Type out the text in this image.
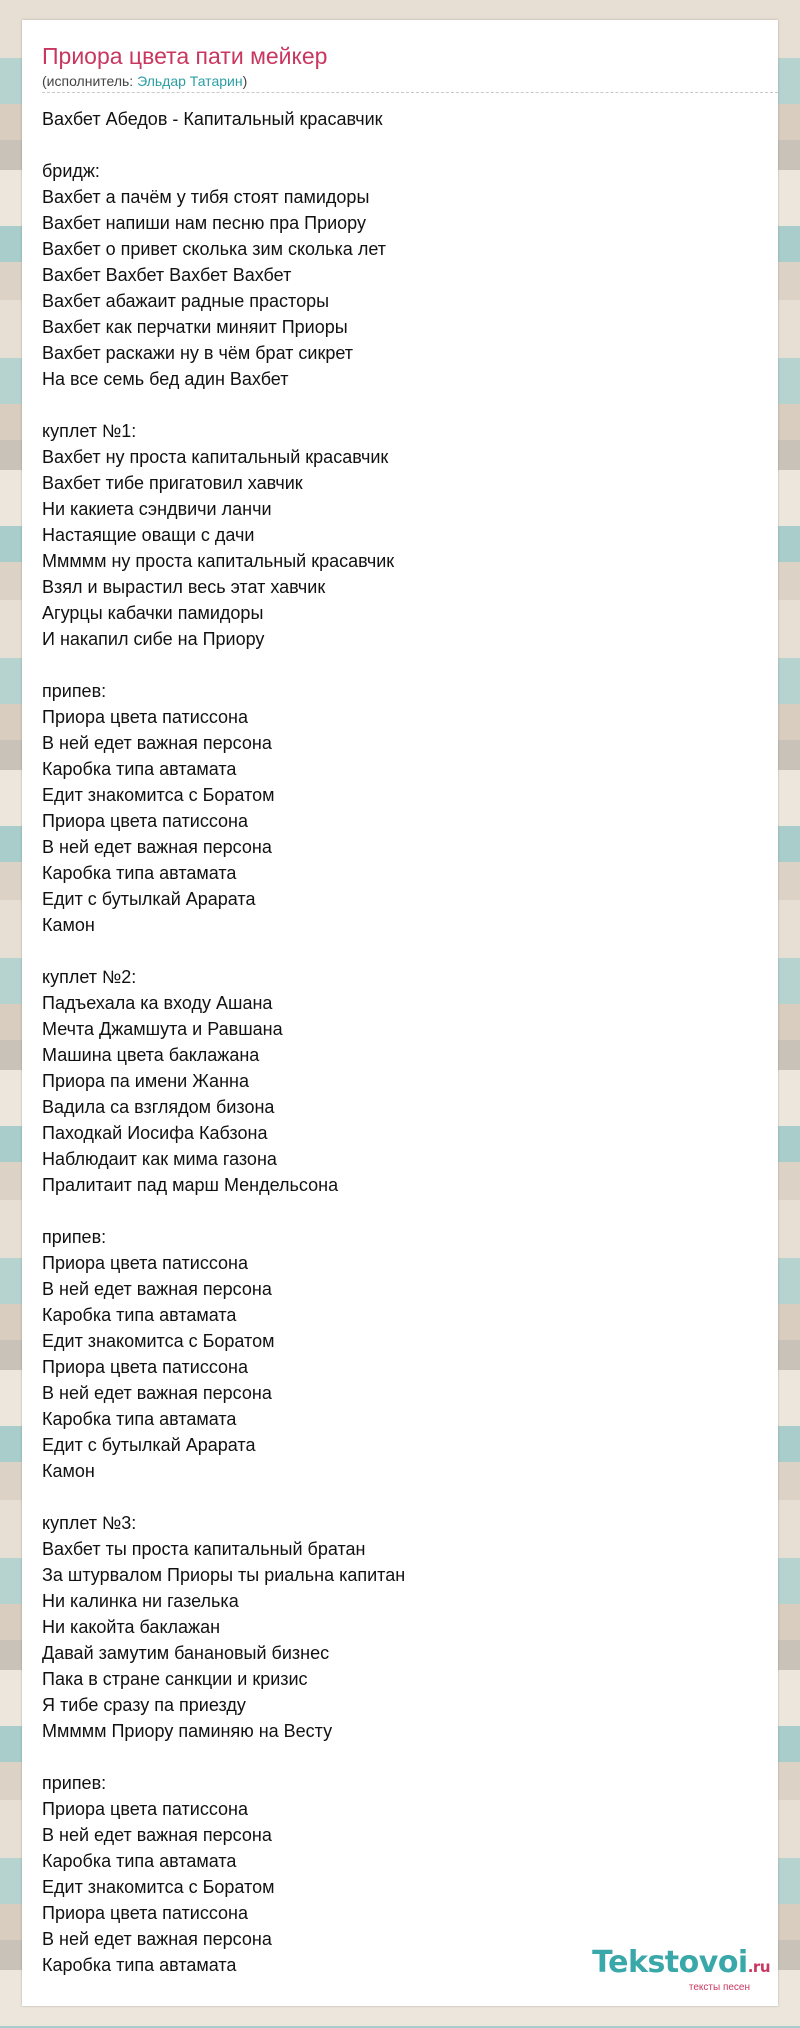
Приора цвета пати мейкер
(исполнитель: Эльдар Татарин)
Вахбет Абедов - Капитальный красавчик
бридж:
Вахбет а пачём у тибя стоят памидоры
Вахбет напиши нам песню пра Приору
Вахбет о привет сколька зим сколька лет
Вахбет Вахбет Вахбет Вахбет
Вахбет абажаит радные прасторы
Вахбет как перчатки миняит Приоры
Вахбет раскажи ну в чём брат сикрет
На все семь бед адин Вахбет
куплет №1:
Вахбет ну проста капитальный красавчик
Вахбет тибе пригатовил хавчик
Ни какиета сэндвичи ланчи
Настаящие оващи с дачи
Ммммм ну проста капитальный красавчик
Взял и вырастил весь этат хавчик
Агурцы кабачки памидоры
И накапил сибе на Приору
припев:
Приора цвета патиссона
В ней едет важная персона
Каробка типа автамата
Едит знакомитса с Боратом
Приора цвета патиссона
В ней едет важная персона
Каробка типа автамата
Едит с бутылкай Арарата
Камон
куплет №2:
Падъехала ка входу Ашана
Мечта Джамшута и Равшана
Машина цвета баклажана
Приора па имени Жанна
Вадила са взглядом бизона
Паходкай Иосифа Кабзона
Наблюдаит как мима газона
Пралитаит пад марш Мендельсона
припев:
Приора цвета патиссона
В ней едет важная персона
Каробка типа автамата
Едит знакомитса с Боратом
Приора цвета патиссона
В ней едет важная персона
Каробка типа автамата
Едит с бутылкай Арарата
Камон
куплет №3:
Вахбет ты проста капитальный братан
За штурвалом Приоры ты риальна капитан
Ни калинка ни газелька
Ни какойта баклажан
Давай замутим банановый бизнес
Пака в стране санкции и кризис
Я тибе сразу па приезду
Ммммм Приору паминяю на Весту
припев:
Приора цвета патиссона
В ней едет важная персона
Каробка типа автамата
Едит знакомитса с Боратом
Приора цвета патиссона
В ней едет важная персона
Каробка типа автамата	Tekstovoi.ru
тексты песен
